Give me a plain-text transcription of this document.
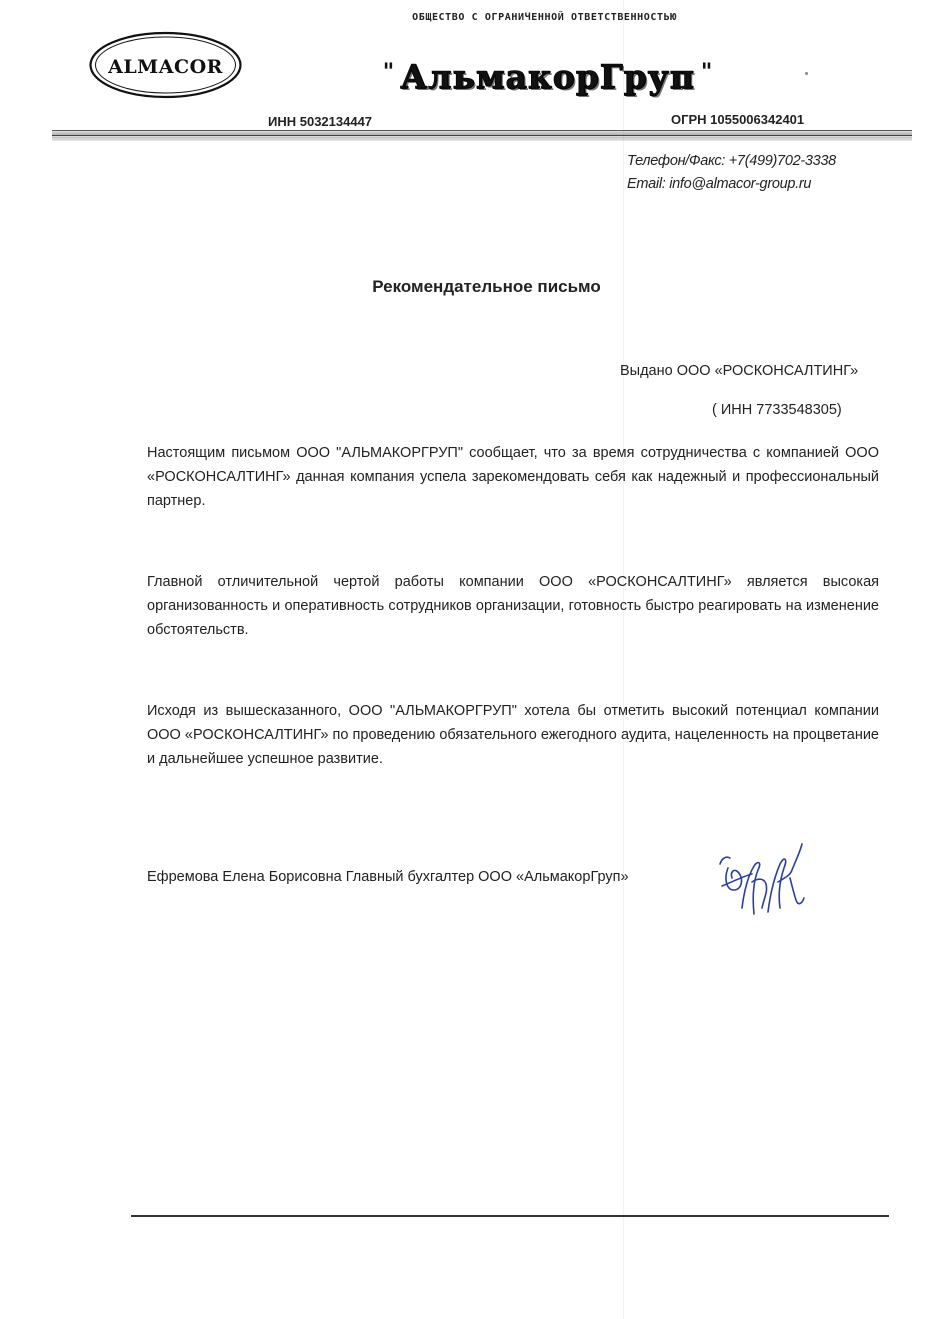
ALMACOR
ОБЩЕСТВО С ОГРАНИЧЕННОЙ ОТВЕТСТВЕННОСТЬЮ
" АльмакорГруп "
ИНН 5032134447	ОГРН 1055006342401
Телефон/Факс: +7(499)702-3338
Email: info@almacor-group.ru
Рекомендательное письмо
Выдано ООО «РОСКОНСАЛТИНГ»
( ИНН 7733548305)
Настоящим письмом ООО "АЛЬМАКОРГРУП" сообщает, что за время сотрудничества с компанией ООО «РОСКОНСАЛТИНГ» данная компания успела зарекомендовать себя как надежный и профессиональный партнер.
Главной отличительной чертой работы компании ООО «РОСКОНСАЛТИНГ» является высокая организованность и оперативность сотрудников организации, готовность быстро реагировать на изменение обстоятельств.
Исходя из вышесказанного, ООО "АЛЬМАКОРГРУП" хотела бы отметить высокий потенциал компании ООО «РОСКОНСАЛТИНГ» по проведению обязательного ежегодного аудита, нацеленность на процветание и дальнейшее успешное развитие.
Ефремова Елена Борисовна Главный бухгалтер ООО «АльмакорГруп»
